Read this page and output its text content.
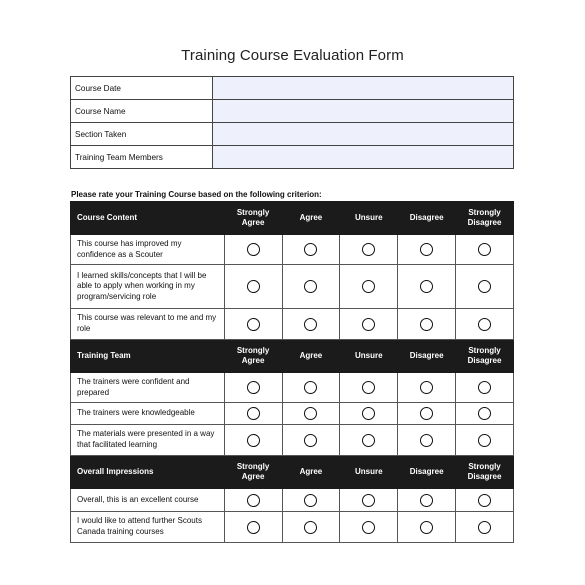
Training Course Evaluation Form
Course Date	
Course Name	
Section Taken	
Training Team Members	
Please rate your Training Course based on the following criterion:
Course Content	Strongly Agree	Agree	Unsure	Disagree	Strongly Disagree
This course has improved my confidence as a Scouter					
I learned skills/concepts that I will be able to apply when working in my program/servicing role					
This course was relevant to me and my role					
Training Team	Strongly Agree	Agree	Unsure	Disagree	Strongly Disagree
The trainers were confident and prepared					
The trainers were knowledgeable					
The materials were presented in a way that facilitated learning					
Overall Impressions	Strongly Agree	Agree	Unsure	Disagree	Strongly Disagree
Overall, this is an excellent course					
I would like to attend further Scouts Canada training courses					
